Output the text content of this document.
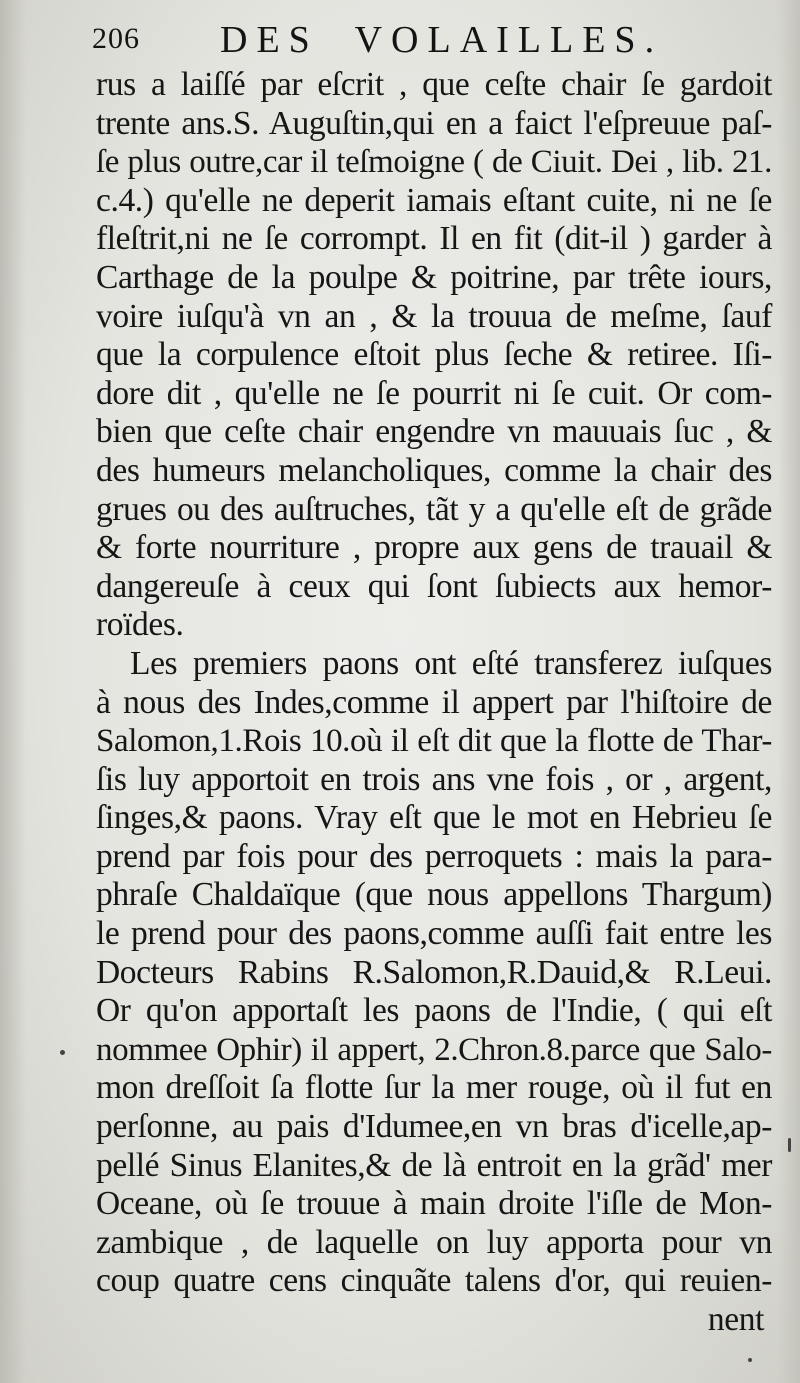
206 DES VOLAILLES.
rus a laiſſé par eſcrit , que ceſte chair ſe gardoit
trente ans.S. Auguſtin,qui en a faict l'eſpreuue paſ-
ſe plus outre,car il teſmoigne ( de Ciuit. Dei , lib. 21.
c.4.) qu'elle ne deperit iamais eſtant cuite, ni ne ſe
fleſtrit,ni ne ſe corrompt. Il en fit (dit-il ) garder à
Carthage de la poulpe & poitrine, par trête iours,
voire iuſqu'à vn an , & la trouua de meſme, ſauf
que la corpulence eſtoit plus ſeche & retiree. Iſi-
dore dit , qu'elle ne ſe pourrit ni ſe cuit. Or com-
bien que ceſte chair engendre vn mauuais ſuc , &
des humeurs melancholiques, comme la chair des
grues ou des auſtruches, tãt y a qu'elle eſt de grãde
& forte nourriture , propre aux gens de trauail &
dangereuſe à ceux qui ſont ſubiects aux hemor-
roïdes.
Les premiers paons ont eſté transferez iuſques
à nous des Indes,comme il appert par l'hiſtoire de
Salomon,1.Rois 10.où il eſt dit que la flotte de Thar-
ſis luy apportoit en trois ans vne fois , or , argent,
ſinges,& paons. Vray eſt que le mot en Hebrieu ſe
prend par fois pour des perroquets : mais la para-
phraſe Chaldaïque (que nous appellons Thargum)
le prend pour des paons,comme auſſi fait entre les
Docteurs Rabins R.Salomon,R.Dauid,& R.Leui.
Or qu'on apportaſt les paons de l'Indie, ( qui eſt
nommee Ophir) il appert, 2.Chron.8.parce que Salo-
mon dreſſoit ſa flotte ſur la mer rouge, où il fut en
perſonne, au pais d'Idumee,en vn bras d'icelle,ap-
pellé Sinus Elanites,& de là entroit en la grãd' mer
Oceane, où ſe trouue à main droite l'iſle de Mon-
zambique , de laquelle on luy apporta pour vn
coup quatre cens cinquãte talens d'or, qui reuien-
nent
